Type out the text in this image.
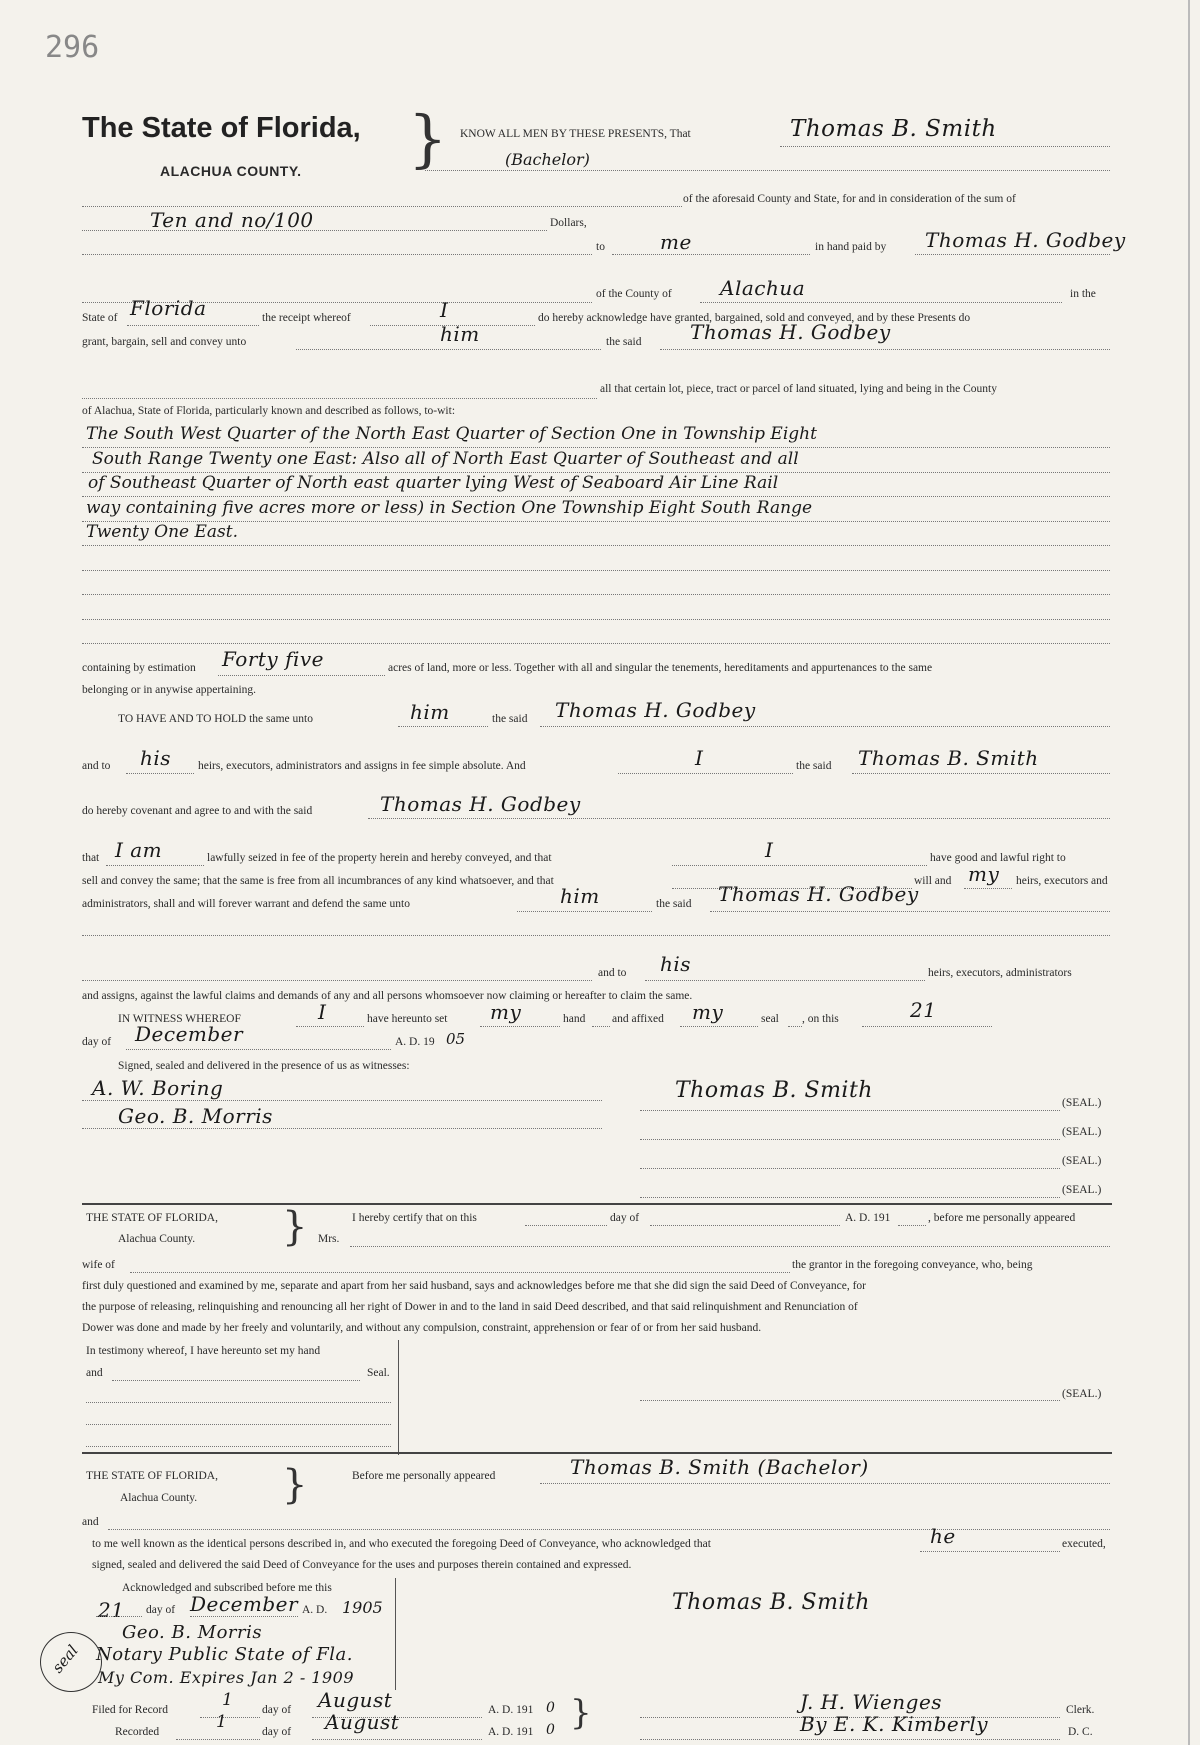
296
The State of Florida,
ALACHUA COUNTY. } KNOW ALL MEN BY THESE PRESENTS, That	Thomas B. Smith
(Bachelor)
of the aforesaid County and State, for and in consideration of the sum of
Ten and no/100	Dollars,
to	me	in hand paid by Thomas H. Godbey
of the County of Alachua	in the
State of Florida	the receipt whereof	I	do hereby acknowledge have granted, bargained, sold and conveyed, and by these Presents do
grant, bargain, sell and convey unto	him	the said Thomas H. Godbey
all that certain lot, piece, tract or parcel of land situated, lying and being in the County
of Alachua, State of Florida, particularly known and described as follows, to-wit:
The South West Quarter of the North East Quarter of Section One in Township Eight
South Range Twenty one East: Also all of North East Quarter of Southeast and all
of Southeast Quarter of North east quarter lying West of Seaboard Air Line Rail
way containing five acres more or less) in Section One Township Eight South Range
Twenty One East.
containing by estimation Forty five	acres of land, more or less. Together with all and singular the tenements, hereditaments and appurtenances to the same
belonging or in anywise appertaining.
TO HAVE AND TO HOLD the same unto	him	the said Thomas H. Godbey
and to his heirs, executors, administrators and assigns in fee simple absolute. And	I	the said Thomas B. Smith
do hereby covenant and agree to and with the said	Thomas H. Godbey
that I am	lawfully seized in fee of the property herein and hereby conveyed, and that	I	have good and lawful right to
sell and convey the same; that the same is free from all incumbrances of any kind whatsoever, and that	will and my heirs, executors and
administrators, shall and will forever warrant and defend the same unto	him	the said Thomas H. Godbey
and to his	heirs, executors, administrators
and assigns, against the lawful claims and demands of any and all persons whomsoever now claiming or hereafter to claim the same.
IN WITNESS WHEREOF	I	have hereunto set my	hand and affixed my	seal , on this	21
day of December	A. D. 19 05
Signed, sealed and delivered in the presence of us as witnesses:
A. W. Boring
Geo. B. Morris
Thomas B. Smith	(SEAL.)
(SEAL.)
(SEAL.)
(SEAL.)
THE STATE OF FLORIDA,
Alachua County. }	I hereby certify that on this	day of	A. D. 191	, before me personally appeared
Mrs.
wife of	the grantor in the foregoing conveyance, who, being
first duly questioned and examined by me, separate and apart from her said husband, says and acknowledges before me that she did sign the said Deed of Conveyance, for
the purpose of releasing, relinquishing and renouncing all her right of Dower in and to the land in said Deed described, and that said relinquishment and Renunciation of
Dower was done and made by her freely and voluntarily, and without any compulsion, constraint, apprehension or fear of or from her said husband.
In testimony whereof, I have hereunto set my hand
and	Seal.
(SEAL.)
THE STATE OF FLORIDA,
Alachua County. }	Before me personally appeared	Thomas B. Smith (Bachelor)
and
to me well known as the identical persons described in, and who executed the foregoing Deed of Conveyance, who acknowledged that	he	executed,
signed, sealed and delivered the said Deed of Conveyance for the uses and purposes therein contained and expressed.
Acknowledged and subscribed before me this
21 day of December A. D. 1905
Geo. B. Morris
Notary Public State of Fla.
My Com. Expires Jan 2 - 1909
seal
Thomas B. Smith
Filed for Record	1 day of August	A. D. 191 0 }
Recorded	1	day of August	A. D. 191 0
J. H. Wienges	Clerk.
By E. K. Kimberly	D. C.
